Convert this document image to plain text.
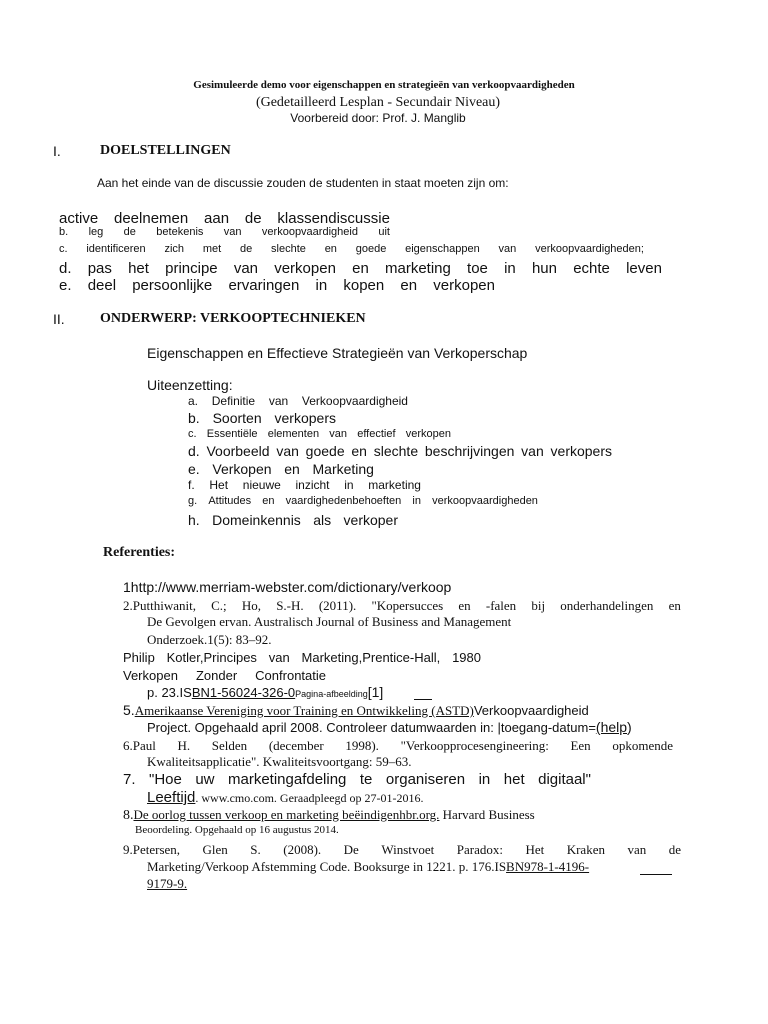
Gesimuleerde demo voor eigenschappen en strategieën van verkoopvaardigheden
(Gedetailleerd Lesplan - Secundair Niveau)
Voorbereid door: Prof. J. Manglib
I.	DOELSTELLINGEN
Aan het einde van de discussie zouden de studenten in staat moeten zijn om:
active deelnemen aan de klassendiscussie
b. leg de betekenis van verkoopvaardigheid uit
c. identificeren zich met de slechte en goede eigenschappen van verkoopvaardigheden;
d. pas het principe van verkopen en marketing toe in hun echte leven
e. deel persoonlijke ervaringen in kopen en verkopen
II.	ONDERWERP: VERKOOPTECHNIEKEN
Eigenschappen en Effectieve Strategieën van Verkoperschap
Uiteenzetting:
a. Definitie van Verkoopvaardigheid
b. Soorten verkopers
c. Essentiële elementen van effectief verkopen
d. Voorbeeld van goede en slechte beschrijvingen van verkopers
e. Verkopen en Marketing
f. Het nieuwe inzicht in marketing
g. Attitudes en vaardighedenbehoeften in verkoopvaardigheden
h. Domeinkennis als verkoper
Referenties:
1http://www.merriam-webster.com/dictionary/verkoop
2.Putthiwanit, C.; Ho, S.-H. (2011). "Kopersucces en -falen bij onderhandelingen en
De Gevolgen ervan. Australisch Journal of Business and Management
Onderzoek.1(5): 83–92.
Philip Kotler,Principes van Marketing,Prentice-Hall, 1980
Verkopen Zonder Confrontatie
p. 23.ISBN1-56024-326-0Pagina-afbeelding[1]
5.Amerikaanse Vereniging voor Training en Ontwikkeling (ASTD)Verkoopvaardigheid
Project. Opgehaald april 2008. Controleer datumwaarden in: |toegang-datum=(help)
6.Paul H. Selden (december 1998). "Verkoopprocesengineering: Een opkomende
Kwaliteitsapplicatie". Kwaliteitsvoortgang: 59–63.
7. "Hoe uw marketingafdeling te organiseren in het digitaal"
Leeftijd. www.cmo.com. Geraadpleegd op 27-01-2016.
8.De oorlog tussen verkoop en marketing beëindigenhbr.org. Harvard Business
Beoordeling. Opgehaald op 16 augustus 2014.
9.Petersen, Glen S. (2008). De Winstvoet Paradox: Het Kraken van de
Marketing/Verkoop Afstemming Code. Booksurge in 1221. p. 176.ISBN978-1-4196-
9179-9.
